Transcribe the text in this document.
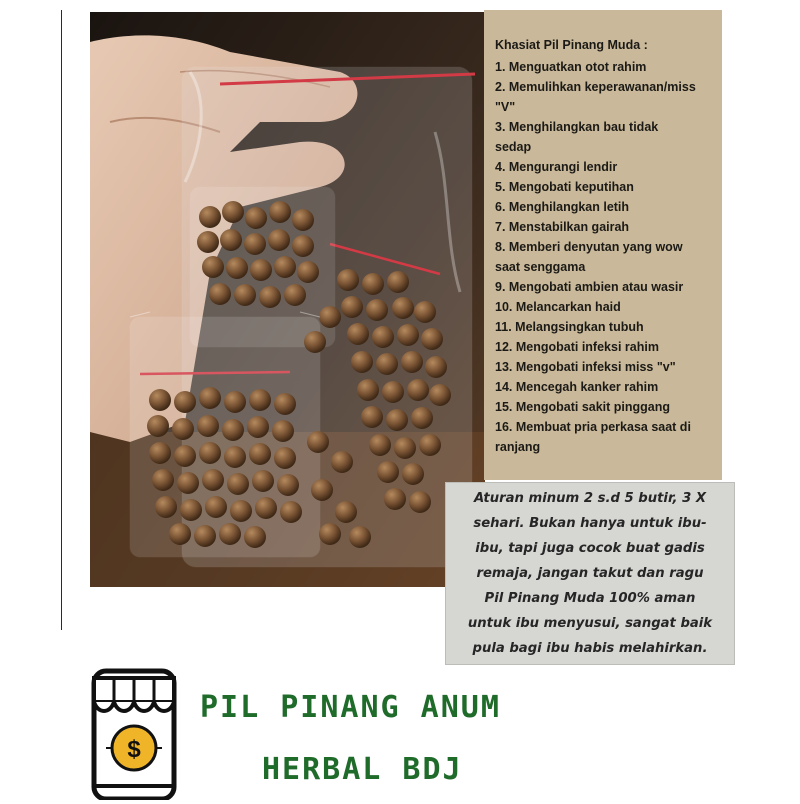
Khasiat Pil Pinang Muda :
1. Menguatkan otot rahim
2. Memulihkan keperawanan/miss
"V"
3. Menghilangkan bau tidak
sedap
4. Mengurangi lendir
5. Mengobati keputihan
6. Menghilangkan letih
7. Menstabilkan gairah
8. Memberi denyutan yang wow
saat senggama
9. Mengobati ambien atau wasir
10. Melancarkan haid
11. Melangsingkan tubuh
12. Mengobati infeksi rahim
13. Mengobati infeksi miss "v"
14. Mencegah kanker rahim
15. Mengobati sakit pinggang
16. Membuat pria perkasa saat di
ranjang

Aturan minum 2 s.d 5 butir, 3 X
sehari. Bukan hanya untuk ibu-
ibu, tapi juga cocok buat gadis
remaja, jangan takut dan ragu
Pil Pinang Muda 100% aman
untuk ibu menyusui, sangat baik
pula bagi ibu habis melahirkan.

$
PIL PINANG ANUM
HERBAL BDJ
